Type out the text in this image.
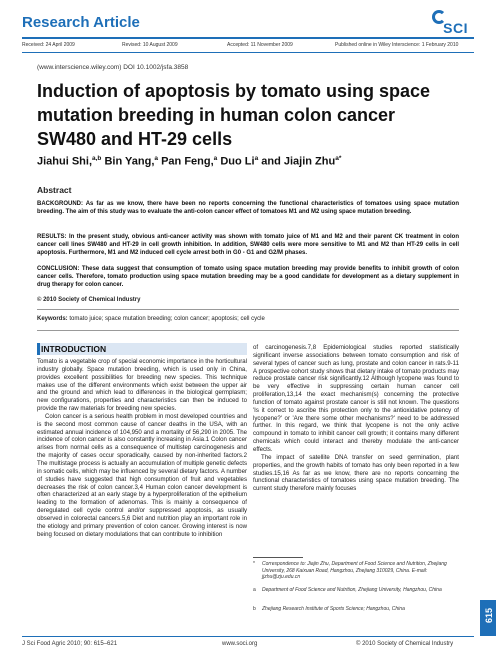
Research Article	SCI
Received: 24 April 2009	Revised: 10 August 2009	Accepted: 11 November 2009	Published online in Wiley Interscience: 1 February 2010
(www.interscience.wiley.com) DOI 10.1002/jsfa.3858
Induction of apoptosis by tomato using space mutation breeding in human colon cancer SW480 and HT-29 cells
Jiahui Shi,$^{a,b}$ Bin Yang,$^a$ Pan Feng,$^a$ Duo Li$^a$ and Jiajin Zhu$^{a*}$
Abstract
BACKGROUND: As far as we know, there have been no reports concerning the functional characteristics of tomatoes using space mutation breeding. The aim of this study was to evaluate the anti-colon cancer effect of tomatoes M1 and M2 using space mutation breeding.
RESULTS: In the present study, obvious anti-cancer activity was shown with tomato juice of M1 and M2 and their parent CK treatment in colon cancer cell lines SW480 and HT-29 in cell growth inhibition. In addition, SW480 cells were more sensitive to M1 and M2 than HT-29 cells in cell apoptosis. Furthermore, M1 and M2 induced cell cycle arrest both in G0 - G1 and G2/M phases.
CONCLUSION: These data suggest that consumption of tomato using space mutation breeding may provide benefits to inhibit growth of colon cancer cells. Therefore, tomato production using space mutation breeding may be a good candidate for development as a dietary supplement in drug therapy for colon cancer.
© 2010 Society of Chemical Industry
Keywords: tomato juice; space mutation breeding; colon cancer; apoptosis; cell cycle
INTRODUCTION

Tomato is a vegetable crop of special economic importance in the horticultural industry globally. Space mutation breeding, which is used only in China, provides excellent possibilities for breeding new species. This technique makes use of the different environments which exist between the upper air and the ground and which lead to differences in the biological germplasm; new configurations, properties and characteristics can then be induced to provide the raw materials for breeding new species.

Colon cancer is a serious health problem in most developed countries and is the second most common cause of cancer deaths in the USA, with an estimated annual incidence of 104,950 and a mortality of 56,290 in 2005. The incidence of colon cancer is also constantly increasing in Asia.1 Colon cancer arises from normal cells as a consequence of multistep carcinogenesis and the majority of cases occur sporadically, caused by non-inherited factors.2 The multistage process is actually an accumulation of multiple genetic defects in somatic cells, which may be influenced by several dietary factors. A number of studies have suggested that high consumption of fruit and vegetables decreases the risk of colon cancer.3,4 Human colon cancer development is often characterized at an early stage by a hyperproliferation of the epithelium leading to the formation of adenomas. This is mainly a consequence of deregulated cell cycle control and/or suppressed apoptosis, as usually observed in colorectal cancers.5,6 Diet and nutrition play an important role in the etiology and primary prevention of colon cancer. Growing interest is now being focused on dietary modulations that can contribute to inhibition

of carcinogenesis.7,8 Epidemiological studies reported statistically significant inverse associations between tomato consumption and risk of several types of cancer such as lung, prostate and colon cancer in rats.9-11 A prospective cohort study shows that dietary intake of tomato products may reduce prostate cancer risk significantly.12 Although lycopene was found to be very effective in suppressing certain human cancer cell proliferation,13,14 the exact mechanism(s) concerning the protective function of tomato against prostate cancer is still not known. The questions 'Is it correct to ascribe this protection only to the antioxidative potency of lycopene?' or 'Are there some other mechanisms?' need to be addressed further. In this regard, we think that lycopene is not the only active compound in tomato to inhibit cancer cell growth; it contains many different chemicals which could interact and thereby modulate the anti-cancer effects.

The impact of satellite DNA transfer on seed germination, plant properties, and the growth habits of tomato has only been reported in a few studies.15,16 As far as we know, there are no reports concerning the functional characteristics of tomatoes using space mutation breeding. The current study therefore mainly focuses

* Correspondence to: Jiajin Zhu, Department of Food Science and Nutrition, Zhejiang University, 268 Kaixuan Road, Hangzhou, Zhejiang 310029, China. E-mail: jjzhu@zju.edu.cn
a Department of Food Science and Nutrition, Zhejiang University, Hangzhou, China
b Zhejiang Research Institute of Sports Science; Hangzhou, China
J Sci Food Agric 2010; 90: 615–621	www.soci.org	© 2010 Society of Chemical Industry
615
